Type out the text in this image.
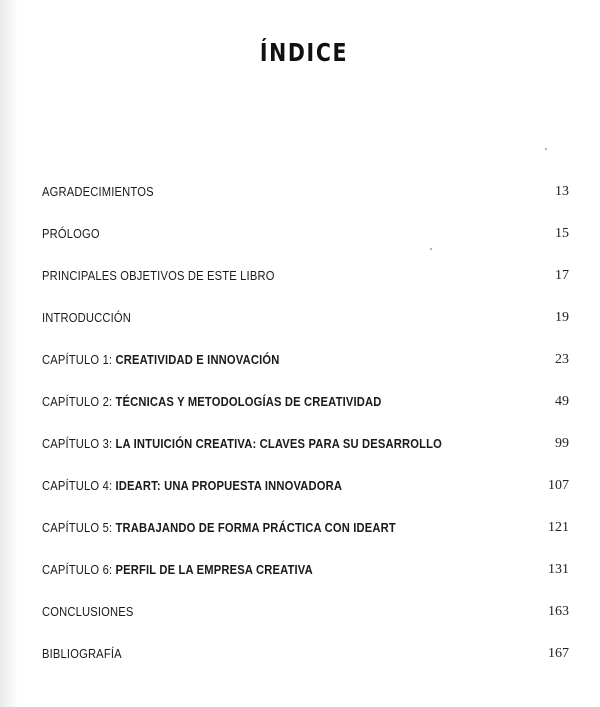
ÍNDICE
AGRADECIMIENTOS	13
PRÓLOGO	15
PRINCIPALES OBJETIVOS DE ESTE LIBRO	17
INTRODUCCIÓN	19
CAPÍTULO 1: CREATIVIDAD E INNOVACIÓN	23
CAPÍTULO 2: TÉCNICAS Y METODOLOGÍAS DE CREATIVIDAD	49
CAPÍTULO 3: LA INTUICIÓN CREATIVA: CLAVES PARA SU DESARROLLO	99
CAPÍTULO 4: IDEART: UNA PROPUESTA INNOVADORA	107
CAPÍTULO 5: TRABAJANDO DE FORMA PRÁCTICA CON IDEART	121
CAPÍTULO 6: PERFIL DE LA EMPRESA CREATIVA	131
CONCLUSIONES	163
BIBLIOGRAFÍA	167
